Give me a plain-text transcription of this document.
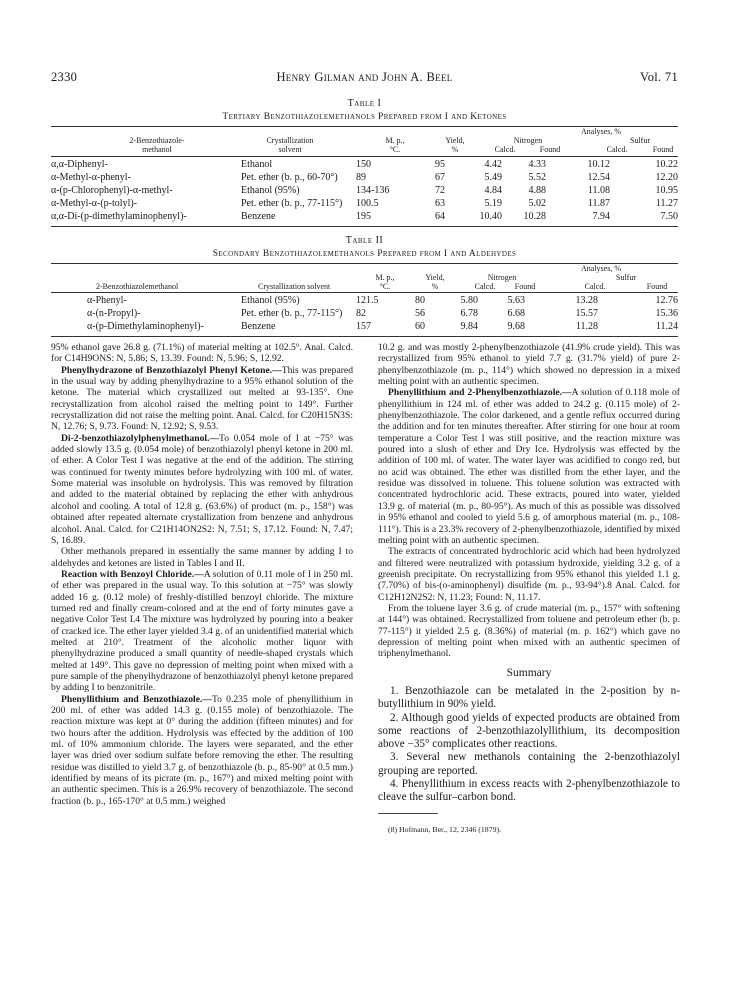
2330	Henry Gilman and John A. Beel	Vol. 71
Table I
Tertiary Benzothiazolemethanols Prepared from I and Ketones
Analyses, %
2-Benzothiazole-
methanol
Crystallization
solvent
M. p.,
°C.
Yield,
%
Nitrogen	Sulfur
Calcd.	Found	Calcd.	Found
α,α-Diphenyl-	Ethanol	150	95	4.42	4.33	10.12	10.22
α-Methyl-α-phenyl-	Pet. ether (b. p., 60-70°) 89	67	5.49	5.52	12.54	12.20
α-(p-Chlorophenyl)-α-methyl-	Ethanol (95%)	134-136	72	4.84	4.88	11.08	10.95
α-Methyl-α-(p-tolyl)-	Pet. ether (b. p., 77-115°) 100.5	63	5.19	5.02	11.87	11.27
α,α-Di-(p-dimethylaminophenyl)-	Benzene	195	64	10.40 10.28	7.94	7.50
Table II
Secondary Benzothiazolemethanols Prepared from I and Aldehydes
Analyses, %
M. p.,
°C.
Yield,
%
Nitrogen	Sulfur
2-Benzothiazolemethanol	Crystallization solvent	Calcd.	Found	Calcd.	Found
α-Phenyl-	Ethanol (95%)	121.5	80	5.80	5.63	13.28	12.76
α-(n-Propyl)-	Pet. ether (b. p., 77-115°) 82	56	6.78	6.68	15.57	15.36
α-(p-Dimethylaminophenyl)-	Benzene	157	60	9.84	9.68	11.28	11.24

95% ethanol gave 26.8 g. (71.1%) of material melting at 102.5°. Anal. Calcd. for C14H9ONS: N, 5.86; S, 13.39. Found: N, 5.96; S, 12.92.

Phenylhydrazone of Benzothiazolyl Phenyl Ketone.—This was prepared in the usual way by adding phenylhydrazine to a 95% ethanol solution of the ketone. The material which crystallized out melted at 93-135°. One recrystallization from alcohol raised the melting point to 149°. Further recrystallization did not raise the melting point. Anal. Calcd. for C20H15N3S: N, 12.76; S, 9.73. Found: N, 12.92; S, 9.53.

Di-2-benzothiazolylphenylmethanol.—To 0.054 mole of I at −75° was added slowly 13.5 g. (0.054 mole) of benzothiazolyl phenyl ketone in 200 ml. of ether. A Color Test I was negative at the end of the addition. The stirring was continued for twenty minutes before hydrolyzing with 100 ml. of water. Some material was insoluble on hydrolysis. This was removed by filtration and added to the material obtained by replacing the ether with anhydrous alcohol and cooling. A total of 12.8 g. (63.6%) of product (m. p., 158°) was obtained after repeated alternate crystallization from benzene and anhydrous alcohol. Anal. Calcd. for C21H14ON2S2: N, 7.51; S, 17.12. Found: N, 7.47; S, 16.89.

Other methanols prepared in essentially the same manner by adding I to aldehydes and ketones are listed in Tables I and II.

Reaction with Benzoyl Chloride.—A solution of 0.11 mole of I in 250 ml. of ether was prepared in the usual way. To this solution at −75° was slowly added 16 g. (0.12 mole) of freshly-distilled benzoyl chloride. The mixture turned red and finally cream-colored and at the end of forty minutes gave a negative Color Test I.4 The mixture was hydrolyzed by pouring into a beaker of cracked ice. The ether layer yielded 3.4 g. of an unidentified material which melted at 210°. Treatment of the alcoholic mother liquor with phenylhydrazine produced a small quantity of needle-shaped crystals which melted at 149°. This gave no depression of melting point when mixed with a pure sample of the phenylhydrazone of benzothiazolyl phenyl ketone prepared by adding I to benzonitrile.

Phenyllithium and Benzothiazole.—To 0.235 mole of phenyllithium in 200 ml. of ether was added 14.3 g. (0.155 mole) of benzothiazole. The reaction mixture was kept at 0° during the addition (fifteen minutes) and for two hours after the addition. Hydrolysis was effected by the addition of 100 ml. of 10% ammonium chloride. The layers were separated, and the ether layer was dried over sodium sulfate before removing the ether. The resulting residue was distilled to yield 3.7 g. of benzothiazole (b. p., 85-90° at 0.5 mm.) identified by means of its picrate (m. p., 167°) and mixed melting point with an authentic specimen. This is a 26.9% recovery of benzothiazole. The second fraction (b. p., 165-170° at 0.5 mm.) weighed

10.2 g. and was mostly 2-phenylbenzothiazole (41.9% crude yield). This was recrystallized from 95% ethanol to yield 7.7 g. (31.7% yield) of pure 2-phenylbenzothiazole (m. p., 114°) which showed no depression in a mixed melting point with an authentic specimen.

Phenyllithium and 2-Phenylbenzothiazole.—A solution of 0.118 mole of phenyllithium in 124 ml. of ether was added to 24.2 g. (0.115 mole) of 2-phenylbenzothiazole. The color darkened, and a gentle reflux occurred during the addition and for ten minutes thereafter. After stirring for one hour at room temperature a Color Test I was still positive, and the reaction mixture was poured into a slush of ether and Dry Ice. Hydrolysis was effected by the addition of 100 ml. of water. The water layer was acidified to congo red, but no acid was obtained. The ether was distilled from the ether layer, and the residue was dissolved in toluene. This toluene solution was extracted with concentrated hydrochloric acid. These extracts, poured into water, yielded 13.9 g. of material (m. p., 80-95°). As much of this as possible was dissolved in 95% ethanol and cooled to yield 5.6 g. of amorphous material (m. p., 108-111°). This is a 23.3% recovery of 2-phenylbenzothiazole, identified by mixed melting point with an authentic specimen.

The extracts of concentrated hydrochloric acid which had been hydrolyzed and filtered were neutralized with potassium hydroxide, yielding 3.2 g. of a greenish precipitate. On recrystallizing from 95% ethanol this yielded 1.1 g. (7.70%) of bis-(o-aminophenyl) disulfide (m. p., 93-94°).8 Anal. Calcd. for C12H12N2S2: N, 11.23; Found: N, 11.17.

From the toluene layer 3.6 g. of crude material (m. p., 157° with softening at 144°) was obtained. Recrystallized from toluene and petroleum ether (b. p. 77-115°) it yielded 2.5 g. (8.36%) of material (m. p. 162°) which gave no depression of melting point when mixed with an authentic specimen of triphenylmethanol.

Summary

1. Benzothiazole can be metalated in the 2-position by n-butyllithium in 90% yield.

2. Although good yields of expected products are obtained from some reactions of 2-benzothiazolyllithium, its decomposition above −35° complicates other reactions.

3. Several new methanols containing the 2-benzothiazolyl grouping are reported.

4. Phenyllithium in excess reacts with 2-phenylbenzothiazole to cleave the sulfur–carbon bond.

(8) Hofmann, Ber., 12, 2346 (1879).
